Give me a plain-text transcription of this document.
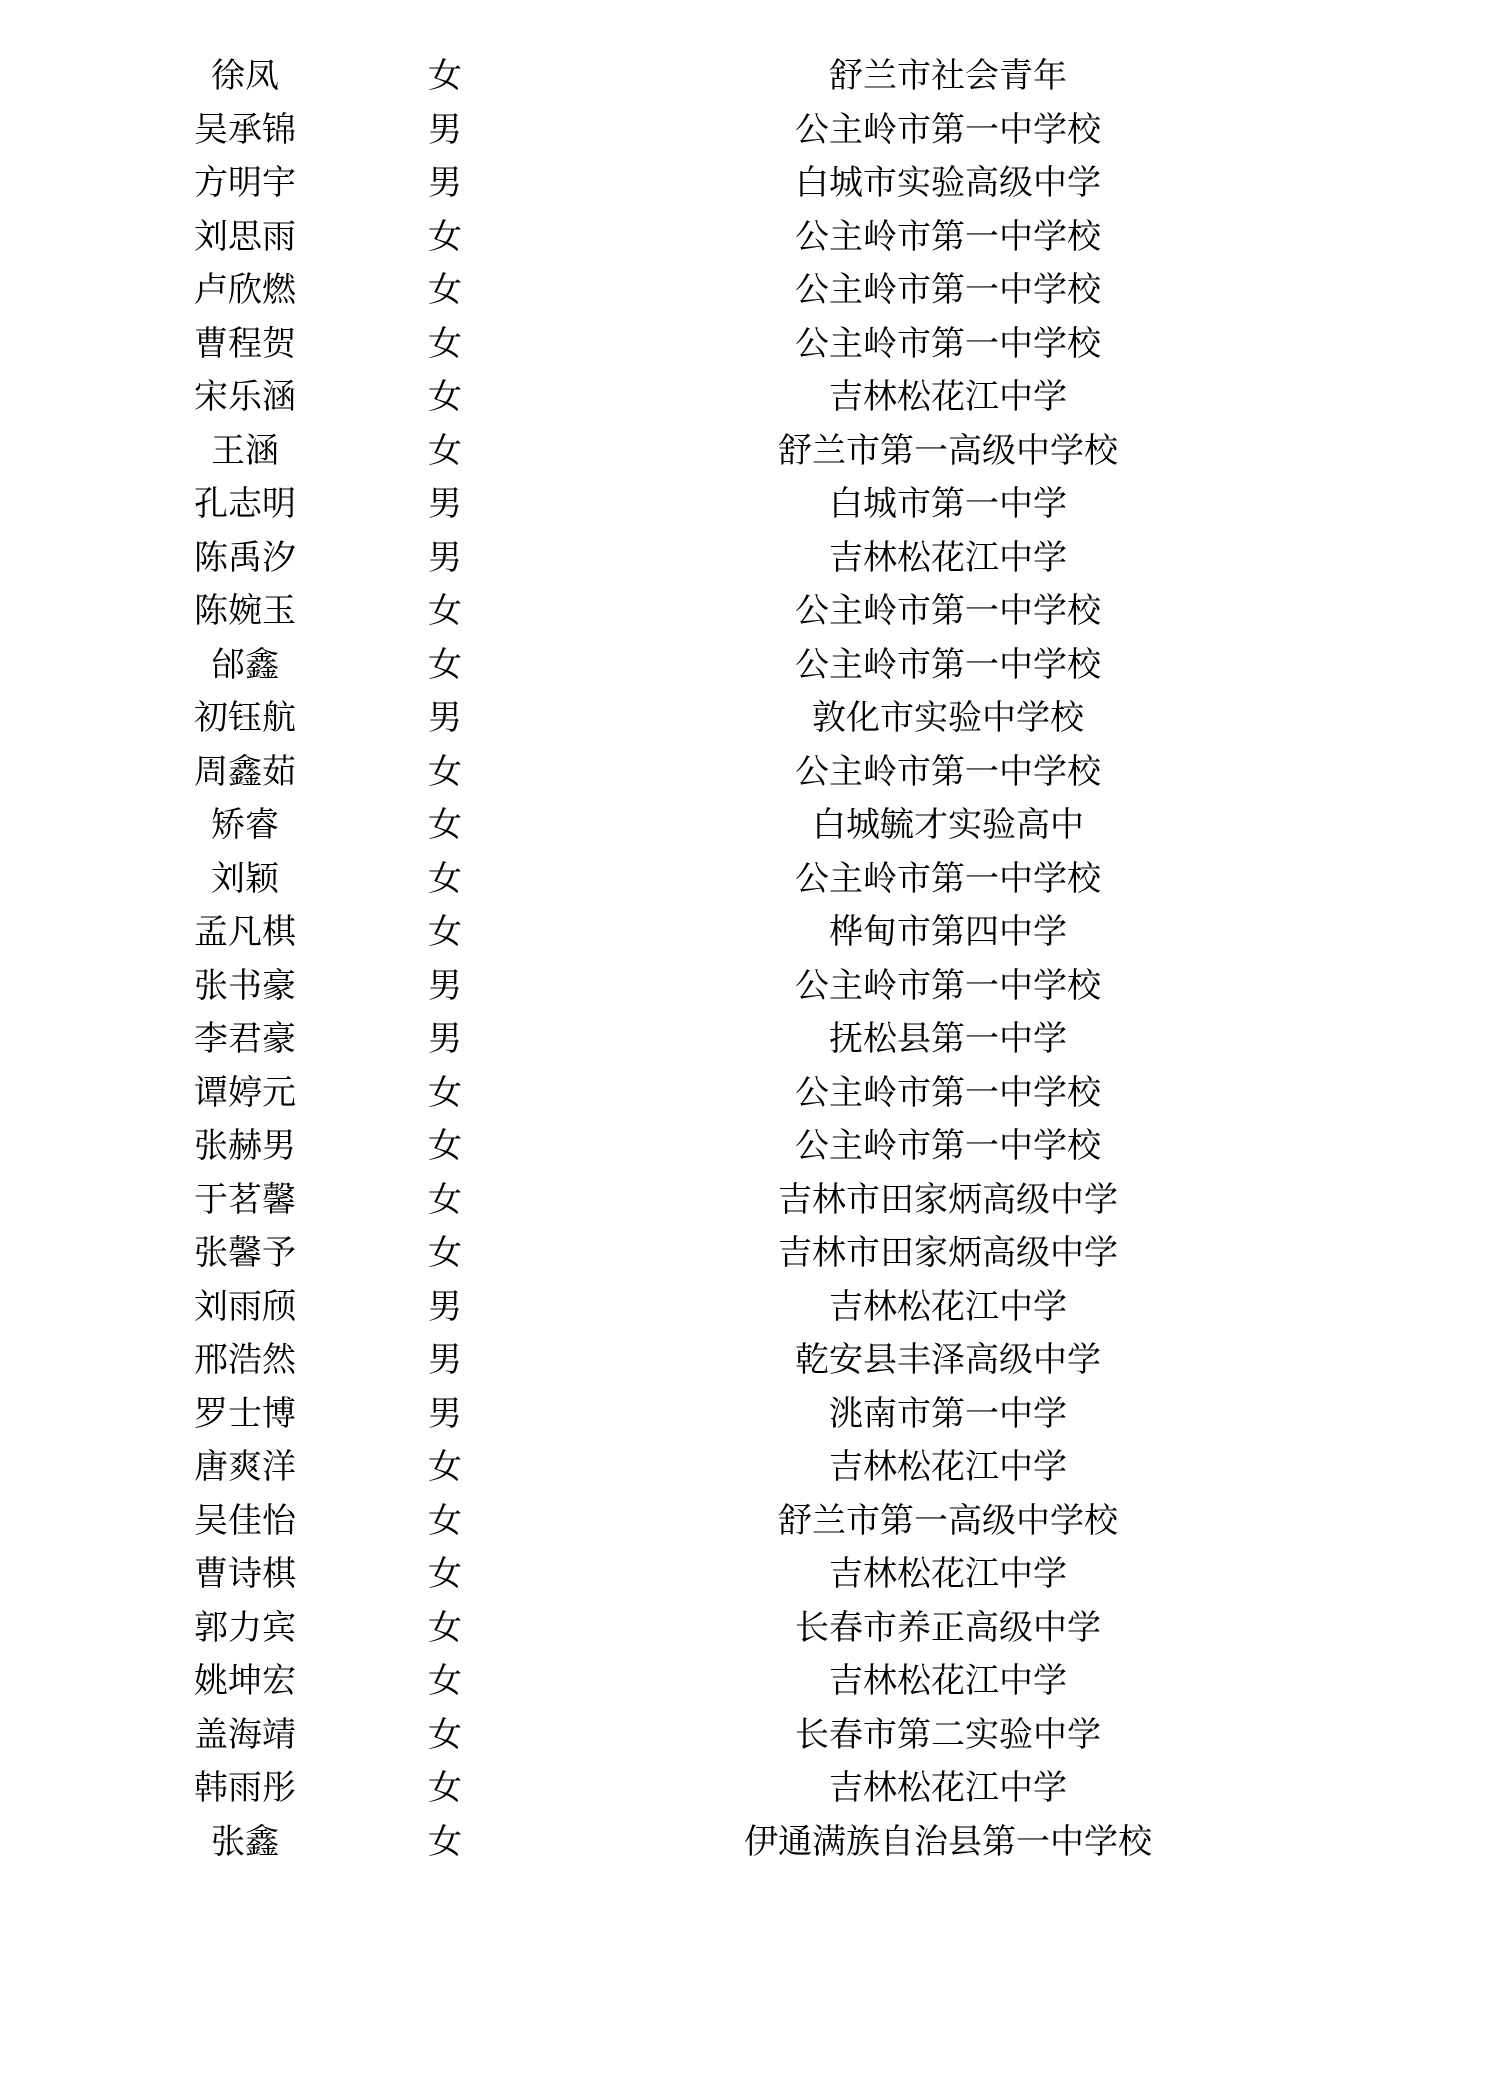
徐凤	女	舒兰市社会青年
吴承锦	男	公主岭市第一中学校
方明宇	男	白城市实验高级中学
刘思雨	女	公主岭市第一中学校
卢欣燃	女	公主岭市第一中学校
曹程贺	女	公主岭市第一中学校
宋乐涵	女	吉林松花江中学
王涵	女	舒兰市第一高级中学校
孔志明	男	白城市第一中学
陈禹汐	男	吉林松花江中学
陈婉玉	女	公主岭市第一中学校
邰鑫	女	公主岭市第一中学校
初钰航	男	敦化市实验中学校
周鑫茹	女	公主岭市第一中学校
矫睿	女	白城毓才实验高中
刘颖	女	公主岭市第一中学校
孟凡棋	女	桦甸市第四中学
张书豪	男	公主岭市第一中学校
李君豪	男	抚松县第一中学
谭婷元	女	公主岭市第一中学校
张赫男	女	公主岭市第一中学校
于茗馨	女	吉林市田家炳高级中学
张馨予	女	吉林市田家炳高级中学
刘雨颀	男	吉林松花江中学
邢浩然	男	乾安县丰泽高级中学
罗士博	男	洮南市第一中学
唐爽洋	女	吉林松花江中学
吴佳怡	女	舒兰市第一高级中学校
曹诗棋	女	吉林松花江中学
郭力宾	女	长春市养正高级中学
姚坤宏	女	吉林松花江中学
盖海靖	女	长春市第二实验中学
韩雨彤	女	吉林松花江中学
张鑫	女	伊通满族自治县第一中学校
